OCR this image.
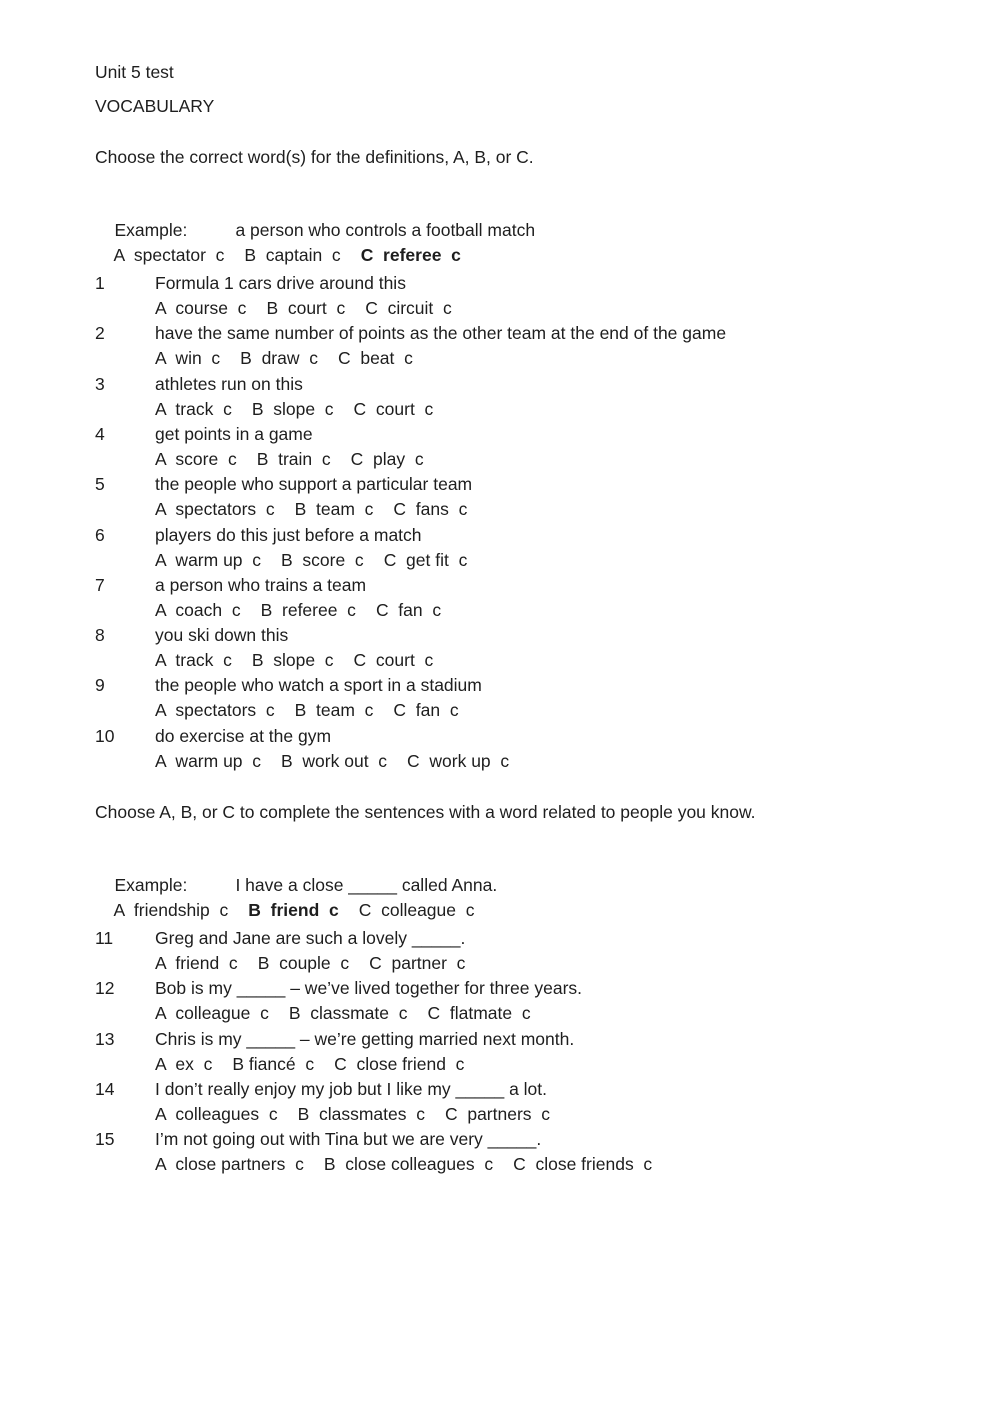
Unit 5 test
VOCABULARY
Choose the correct word(s) for the definitions, A, B, or C.

Example:	a person who controls a football match

A  spectator  c B  captain  c C  referee  c

1	Formula 1 cars drive around this
A  course  c B  court  c C  circuit  c
2	have the same number of points as the other team at the end of the game
A  win  c B  draw  c C  beat  c
3	athletes run on this
A  track  c B  slope  c C  court  c
4	get points in a game
A  score  c B  train  c C  play  c
5	the people who support a particular team
A  spectators  c B  team  c C  fans  c
6	players do this just before a match
A  warm up  c B  score  c C  get fit  c
7	a person who trains a team
A  coach  c B  referee  c C  fan  c
8	you ski down this
A  track  c B  slope  c C  court  c
9	the people who watch a sport in a stadium
A  spectators  c B  team  c C  fan  c
10 do exercise at the gym
A  warm up  c B  work out  c C  work up  c
Choose A, B, or C to complete the sentences with a word related to people you know.

Example:	I have a close _____ called Anna.

A  friendship  c B  friend  c C  colleague  c

11 Greg and Jane are such a lovely _____.
A  friend  c B  couple  c C  partner  c
12 Bob is my _____ – we’ve lived together for three years.
A  colleague  c B  classmate  c C  flatmate  c
13 Chris is my _____ – we’re getting married next month.
A  ex  c B fiancé  c C  close friend  c
14 I don’t really enjoy my job but I like my _____ a lot.
A  colleagues  c B  classmates  c C  partners  c
15 I’m not going out with Tina but we are very _____.
A  close partners  c B  close colleagues  c C  close friends  c
